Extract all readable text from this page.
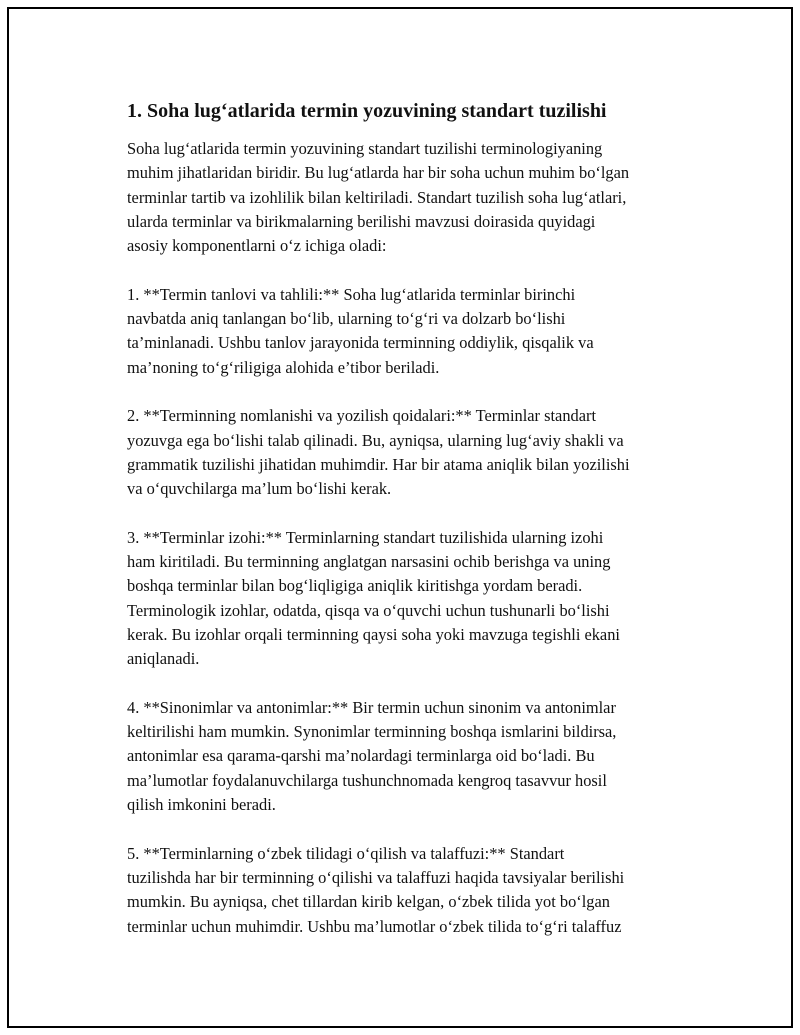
1. Soha lug‘atlarida termin yozuvining standart tuzilishi
Soha lug‘atlarida termin yozuvining standart tuzilishi terminologiyaning
muhim jihatlaridan biridir. Bu lug‘atlarda har bir soha uchun muhim bo‘lgan
terminlar tartib va izohlilik bilan keltiriladi. Standart tuzilish soha lug‘atlari,
ularda terminlar va birikmalarning berilishi mavzusi doirasida quyidagi
asosiy komponentlarni o‘z ichiga oladi:
1. **Termin tanlovi va tahlili:** Soha lug‘atlarida terminlar birinchi
navbatda aniq tanlangan bo‘lib, ularning to‘g‘ri va dolzarb bo‘lishi
ta’minlanadi. Ushbu tanlov jarayonida terminning oddiylik, qisqalik va
ma’noning to‘g‘riligiga alohida e’tibor beriladi.
2. **Terminning nomlanishi va yozilish qoidalari:** Terminlar standart
yozuvga ega bo‘lishi talab qilinadi. Bu, ayniqsa, ularning lug‘aviy shakli va
grammatik tuzilishi jihatidan muhimdir. Har bir atama aniqlik bilan yozilishi
va o‘quvchilarga ma’lum bo‘lishi kerak.
3. **Terminlar izohi:** Terminlarning standart tuzilishida ularning izohi
ham kiritiladi. Bu terminning anglatgan narsasini ochib berishga va uning
boshqa terminlar bilan bog‘liqligiga aniqlik kiritishga yordam beradi.
Terminologik izohlar, odatda, qisqa va o‘quvchi uchun tushunarli bo‘lishi
kerak. Bu izohlar orqali terminning qaysi soha yoki mavzuga tegishli ekani
aniqlanadi.
4. **Sinonimlar va antonimlar:** Bir termin uchun sinonim va antonimlar
keltirilishi ham mumkin. Synonimlar terminning boshqa ismlarini bildirsa,
antonimlar esa qarama-qarshi ma’nolardagi terminlarga oid bo‘ladi. Bu
ma’lumotlar foydalanuvchilarga tushunchnomada kengroq tasavvur hosil
qilish imkonini beradi.
5. **Terminlarning o‘zbek tilidagi o‘qilish va talaffuzi:** Standart
tuzilishda har bir terminning o‘qilishi va talaffuzi haqida tavsiyalar berilishi
mumkin. Bu ayniqsa, chet tillardan kirib kelgan, o‘zbek tilida yot bo‘lgan
terminlar uchun muhimdir. Ushbu ma’lumotlar o‘zbek tilida to‘g‘ri talaffuz
